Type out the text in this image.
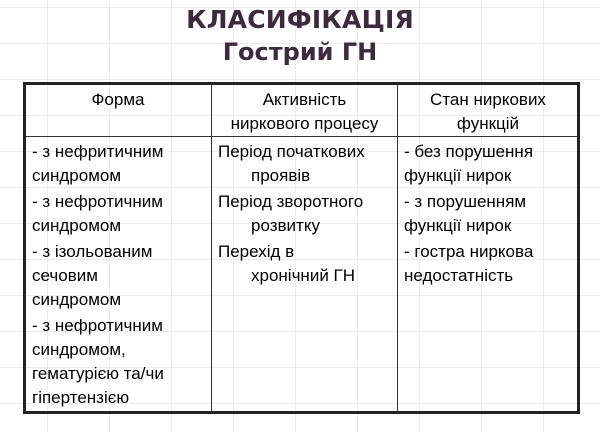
КЛАСИФІКАЦІЯ
Гострий ГН
Форма
- з нефритичним
синдромом
- з нефротичним
синдромом
- з ізольованим
сечовим
синдромом
- з нефротичним
синдромом,
гематурією та/чи
гіпертензією
Активність
ниркового процесу
Період початкових
проявів
Період зворотного
розвитку
Перехід в
хронічний ГН
Стан ниркових
функцій
- без порушення
функції нирок
- з порушенням
функції нирок
- гостра ниркова
недостатність
